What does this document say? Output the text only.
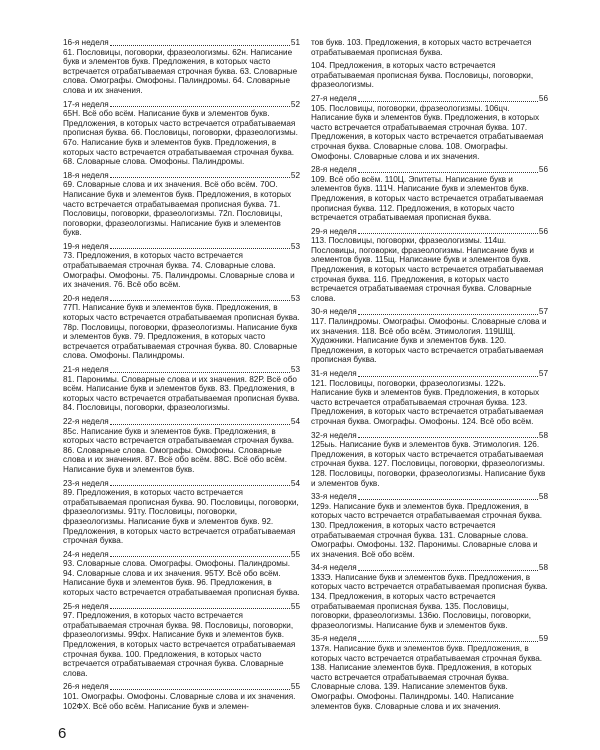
16-я неделя	51

61. Пословицы, поговорки, фразеологизмы. 62н. Написание букв и элементов букв. Предложения, в которых часто встречается отрабатываемая строчная буква. 63. Словарные слова. Омографы. Омофоны. Палиндромы. 64. Словарные слова и их значения.

17-я неделя	52

65Н. Всё обо всём. Написание букв и элементов букв. Предложения, в которых часто встречается отрабатываемая прописная буква. 66. Пословицы, поговорки, фразеологизмы. 67о. Написание букв и элементов букв. Предложения, в которых часто встречается отрабатываемая строчная буква. 68. Словарные слова. Омофоны. Палиндромы.

18-я неделя	52

69. Словарные слова и их значения. Всё обо всём. 70О. Написание букв и элементов букв. Предложения, в которых часто встречается отрабатываемая прописная буква. 71. Пословицы, поговорки, фразеологизмы. 72п. Пословицы, поговорки, фразеологизмы. Написание букв и элементов букв.

19-я неделя	53

73. Предложения, в которых часто встречается отрабатываемая строчная буква. 74. Словарные слова. Омографы. Омофоны. 75. Палиндромы. Словарные слова и их значения. 76. Всё обо всём.

20-я неделя	53

77П. Написание букв и элементов букв. Предложения, в которых часто встречается отрабатываемая прописная буква. 78р. Пословицы, поговорки, фразеологизмы. Написание букв и элементов букв. 79. Предложения, в которых часто встречается отрабатываемая строчная буква. 80. Словарные слова. Омофоны. Палиндромы.

21-я неделя	53

81. Паронимы. Словарные слова и их значения. 82Р. Всё обо всём. Написание букв и элементов букв. 83. Предложения, в которых часто встречается отрабатываемая прописная буква. 84. Пословицы, поговорки, фразеологизмы.

22-я неделя	54

85с. Написание букв и элементов букв. Предложения, в которых часто встречается отрабатываемая строчная буква. 86. Словарные слова. Омографы. Омофоны. Словарные слова и их значения. 87. Всё обо всём. 88С. Всё обо всём. Написание букв и элементов букв.

23-я неделя	54

89. Предложения, в которых часто встречается отрабатываемая прописная буква. 90. Пословицы, поговорки, фразеологизмы. 91ту. Пословицы, поговорки, фразеологизмы. Написание букв и элементов букв. 92. Предложения, в которых часто встречается отрабатываемая строчная буква.

24-я неделя	55

93. Словарные слова. Омографы. Омофоны. Палиндромы. 94. Словарные слова и их значения. 95ТУ. Всё обо всём. Написание букв и элементов букв. 96. Предложения, в которых часто встречается отрабатываемая прописная буква.

25-я неделя	55

97. Предложения, в которых часто встречается отрабатываемая строчная буква. 98. Пословицы, поговорки, фразеологизмы. 99фх. Написание букв и элементов букв. Предложения, в которых часто встречается отрабатываемая строчная буква. 100. Предложения, в которых часто встречается отрабатываемая строчная буква. Словарные слова.

26-я неделя	55

101. Омографы. Омофоны. Словарные слова и их значения. 102ФХ. Всё обо всём. Написание букв и элемен-

тов букв. 103. Предложения, в которых часто встречается отрабатываемая прописная буква.

104. Предложения, в которых часто встречается отрабатываемая прописная буква. Пословицы, поговорки, фразеологизмы.

27-я неделя	56

105. Пословицы, поговорки, фразеологизмы. 106цч. Написание букв и элементов букв. Предложения, в которых часто встречается отрабатываемая строчная буква. 107. Предложения, в которых часто встречается отрабатываемая строчная буква. Словарные слова. 108. Омографы. Омофоны. Словарные слова и их значения.

28-я неделя	56

109. Всё обо всём. 110Ц. Эпитеты. Написание букв и элементов букв. 111Ч. Написание букв и элементов букв. Предложения, в которых часто встречается отрабатываемая прописная буква. 112. Предложения, в которых часто встречается отрабатываемая прописная буква.

29-я неделя	56

113. Пословицы, поговорки, фразеологизмы. 114ш. Пословицы, поговорки, фразеологизмы. Написание букв и элементов букв. 115щ. Написание букв и элементов букв. Предложения, в которых часто встречается отрабатываемая строчная буква. 116. Предложения, в которых часто встречается отрабатываемая строчная буква. Словарные слова.

30-я неделя	57

117. Палиндромы. Омографы. Омофоны. Словарные слова и их значения. 118. Всё обо всём. Этимология. 119ШЩ. Художники. Написание букв и элементов букв. 120. Предложения, в которых часто встречается отрабатываемая прописная буква.

31-я неделя	57

121. Пословицы, поговорки, фразеологизмы. 122ъ. Написание букв и элементов букв. Предложения, в которых часто встречается отрабатываемая строчная буква. 123. Предложения, в которых часто встречается отрабатываемая строчная буква. Омографы. Омофоны. 124. Всё обо всём.

32-я неделя	58

125ыь. Написание букв и элементов букв. Этимология. 126. Предложения, в которых часто встречается отрабатываемая строчная буква. 127. Пословицы, поговорки, фразеологизмы. 128. Пословицы, поговорки, фразеологизмы. Написание букв и элементов букв.

33-я неделя	58

129э. Написание букв и элементов букв. Предложения, в которых часто встречается отрабатываемая строчная буква. 130. Предложения, в которых часто встречается отрабатываемая строчная буква. 131. Словарные слова. Омографы. Омофоны. 132. Паронимы. Словарные слова и их значения. Всё обо всём.

34-я неделя	58

133Э. Написание букв и элементов букв. Предложения, в которых часто встречается отрабатываемая прописная буква. 134. Предложения, в которых часто встречается отрабатываемая прописная буква. 135. Пословицы, поговорки, фразеологизмы. 136ю. Пословицы, поговорки, фразеологизмы. Написание букв и элементов букв.

35-я неделя	59

137я. Написание букв и элементов букв. Предложения, в которых часто встречается отрабатываемая строчная буква. 138. Написание элементов букв. Предложения, в которых часто встречается отрабатываемая строчная буква. Словарные слова. 139. Написание элементов букв. Омографы. Омофоны. Палиндромы. 140. Написание элементов букв. Словарные слова и их значения.

6
